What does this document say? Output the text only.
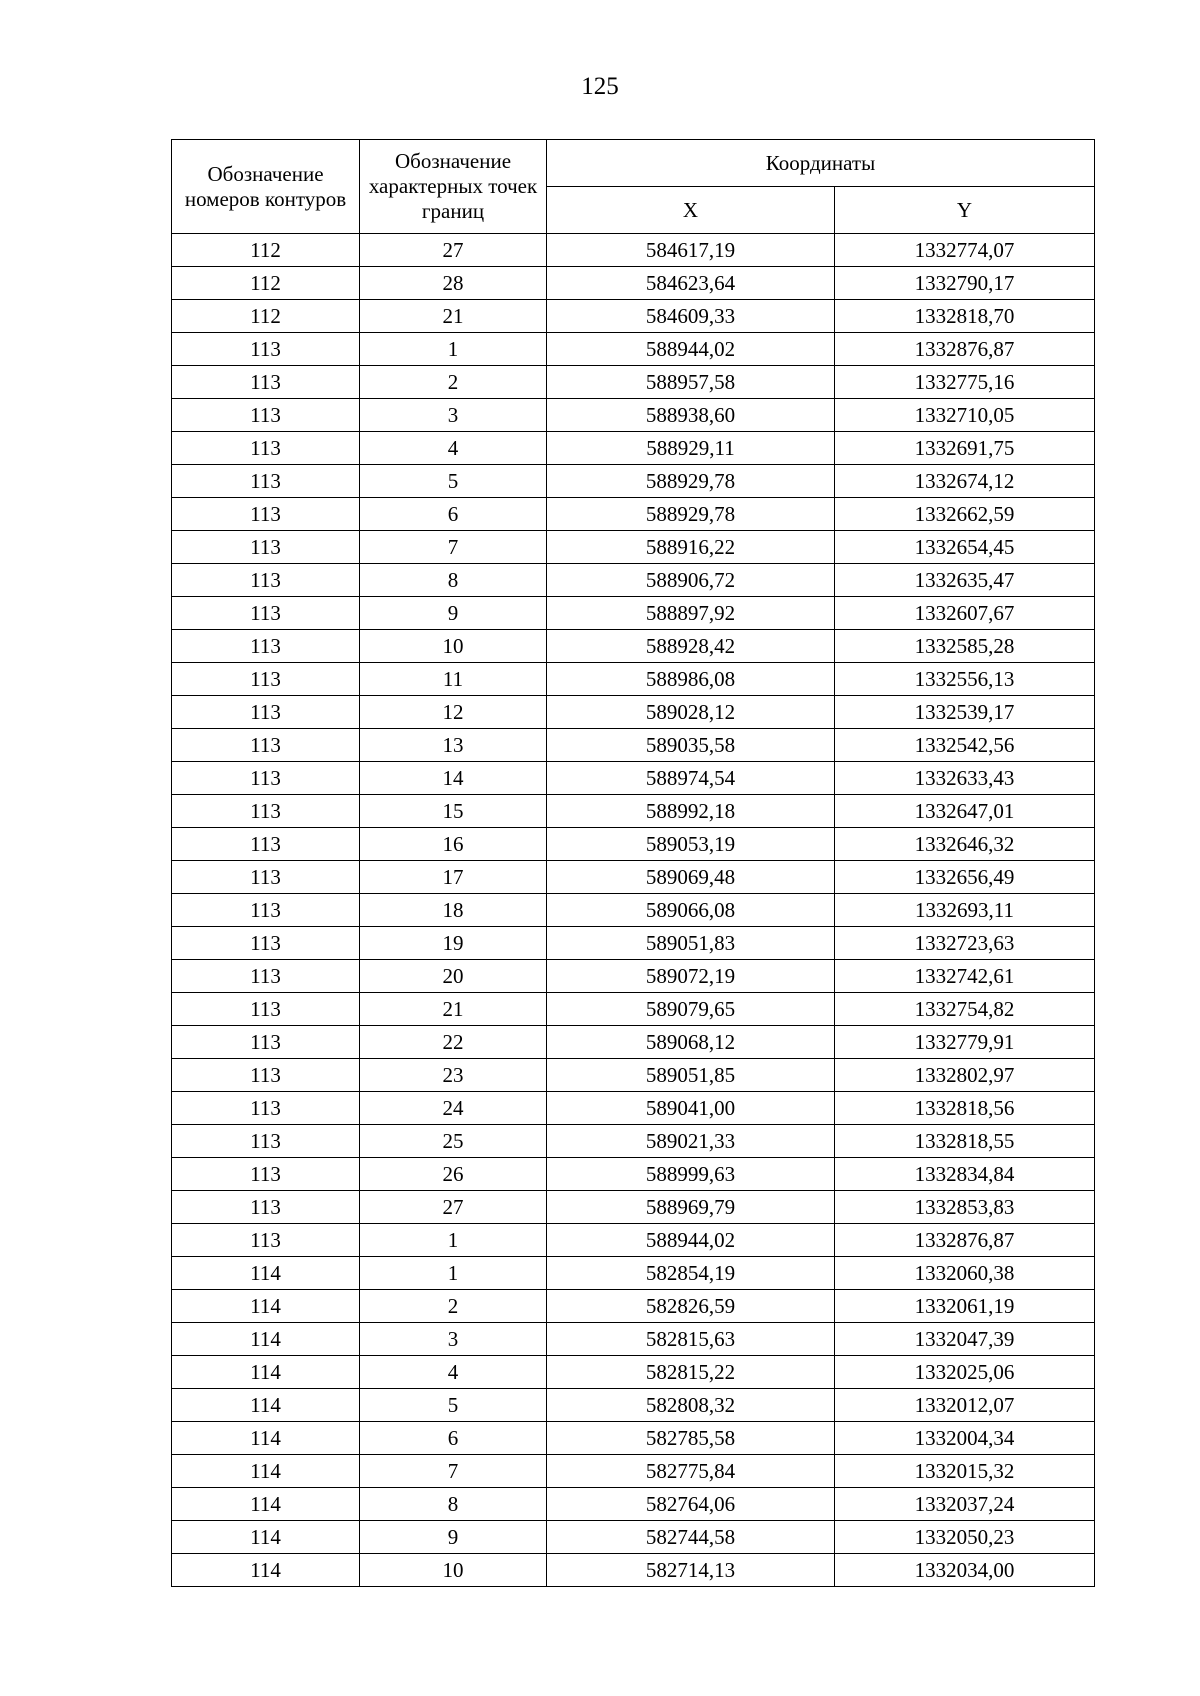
125
Обозначение номеров контуров	Обозначение характерных точек границ	Координаты	
		X	Y
112	27	584617,19	1332774,07
112	28	584623,64	1332790,17
112	21	584609,33	1332818,70
113	1	588944,02	1332876,87
113	2	588957,58	1332775,16
113	3	588938,60	1332710,05
113	4	588929,11	1332691,75
113	5	588929,78	1332674,12
113	6	588929,78	1332662,59
113	7	588916,22	1332654,45
113	8	588906,72	1332635,47
113	9	588897,92	1332607,67
113	10	588928,42	1332585,28
113	11	588986,08	1332556,13
113	12	589028,12	1332539,17
113	13	589035,58	1332542,56
113	14	588974,54	1332633,43
113	15	588992,18	1332647,01
113	16	589053,19	1332646,32
113	17	589069,48	1332656,49
113	18	589066,08	1332693,11
113	19	589051,83	1332723,63
113	20	589072,19	1332742,61
113	21	589079,65	1332754,82
113	22	589068,12	1332779,91
113	23	589051,85	1332802,97
113	24	589041,00	1332818,56
113	25	589021,33	1332818,55
113	26	588999,63	1332834,84
113	27	588969,79	1332853,83
113	1	588944,02	1332876,87
114	1	582854,19	1332060,38
114	2	582826,59	1332061,19
114	3	582815,63	1332047,39
114	4	582815,22	1332025,06
114	5	582808,32	1332012,07
114	6	582785,58	1332004,34
114	7	582775,84	1332015,32
114	8	582764,06	1332037,24
114	9	582744,58	1332050,23
114	10	582714,13	1332034,00
